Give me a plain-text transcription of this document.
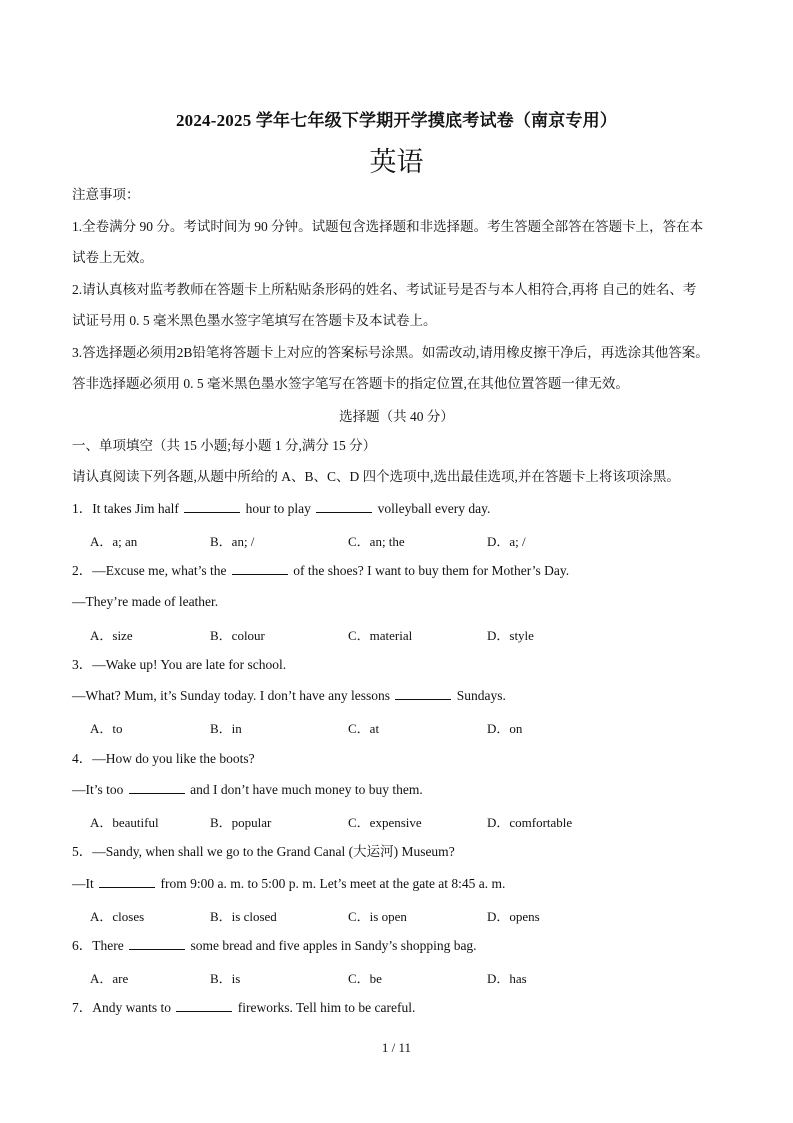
2024-2025 学年七年级下学期开学摸底考试卷（南京专用）
英语
注意事项：
1.全卷满分 90 分。考试时间为 90 分钟。试题包含选择题和非选择题。考生答题全部答在答题卡上，答在本
试卷上无效。
2.请认真核对监考教师在答题卡上所粘贴条形码的姓名、考试证号是否与本人相符合,再将 自己的姓名、考
试证号用 0. 5 毫米黑色墨水签字笔填写在答题卡及本试卷上。
3.答选择题必须用2B铅笔将答题卡上对应的答案标号涂黑。如需改动,请用橡皮擦干净后，再选涂其他答案。
答非选择题必须用 0. 5 毫米黑色墨水签字笔写在答题卡的指定位置,在其他位置答题一律无效。
选择题（共 40 分）
一、单项填空（共 15 小题;每小题 1 分,满分 15 分）
请认真阅读下列各题,从题中所给的 A、B、C、D 四个选项中,选出最佳选项,并在答题卡上将该项涂黑。
1．It takes Jim half	hour to play	volleyball every day.
A．a; an	B．an; /	C．an; the	D．a; /
2．—Excuse me, what’s the	of the shoes? I want to buy them for Mother’s Day.
—They’re made of leather.
A．size	B．colour	C．material	D．style
3．—Wake up! You are late for school.
—What? Mum, it’s Sunday today. I don’t have any lessons	Sundays.
A．to	B．in	C．at	D．on
4．—How do you like the boots?
—It’s too	and I don’t have much money to buy them.
A．beautiful	B．popular	C．expensive	D．comfortable
5．—Sandy, when shall we go to the Grand Canal (大运河) Museum?
—It	from 9:00 a. m. to 5:00 p. m. Let’s meet at the gate at 8:45 a. m.
A．closes	B．is closed	C．is open	D．opens
6．There	some bread and five apples in Sandy’s shopping bag.
A．are	B．is	C．be	D．has
7．Andy wants to	fireworks. Tell him to be careful.
1 / 11
